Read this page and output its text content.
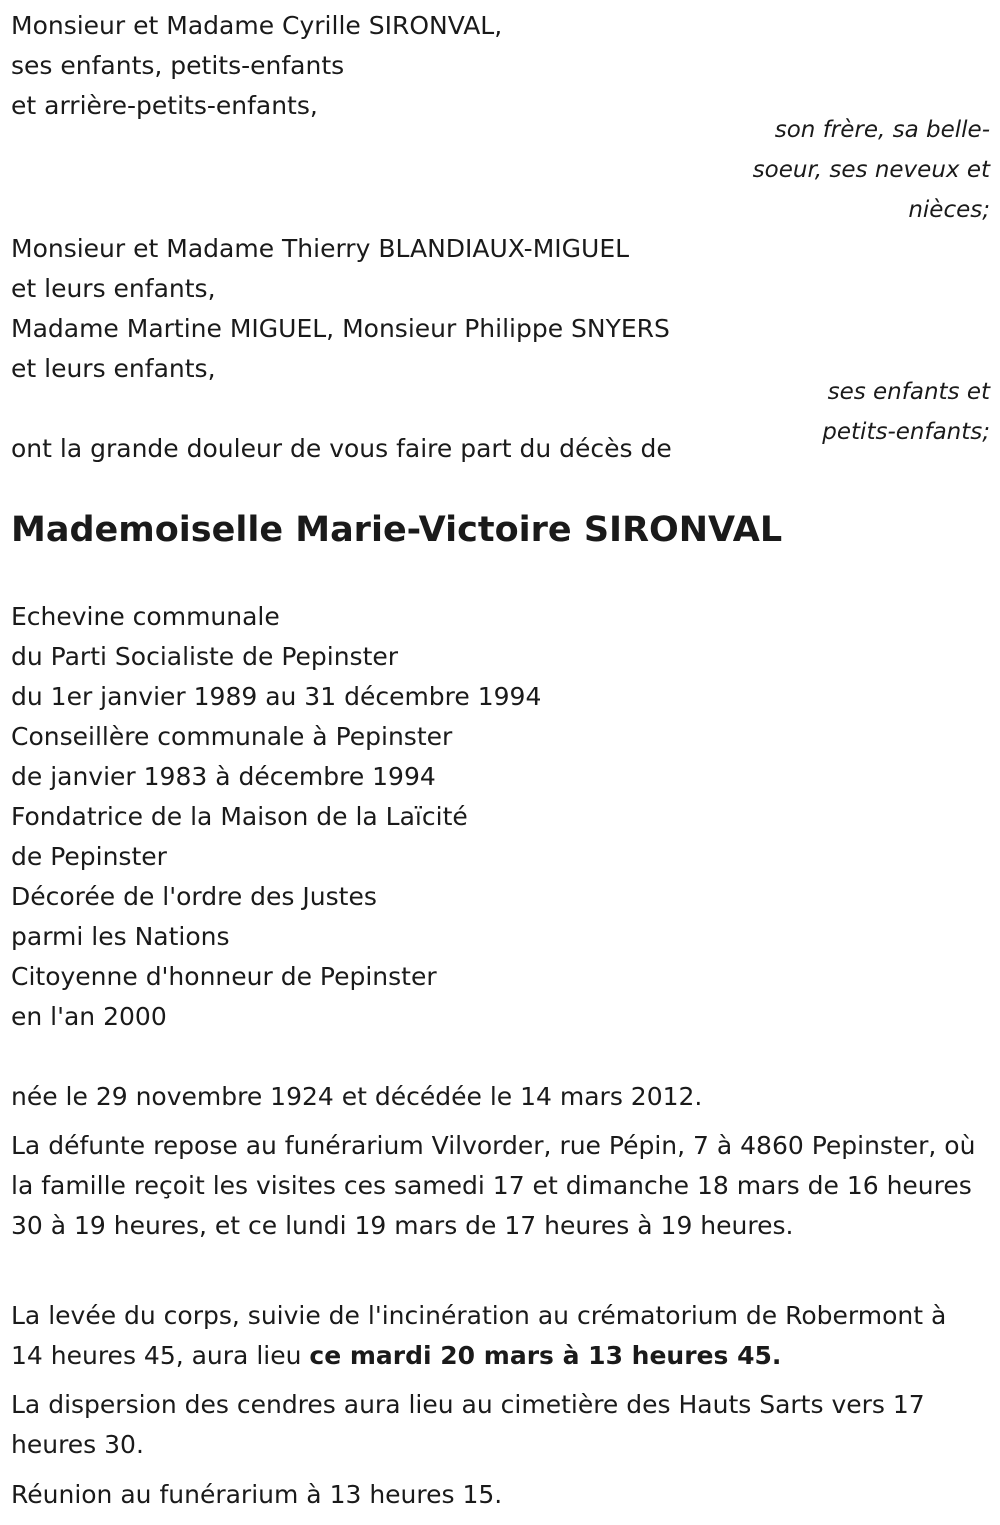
Monsieur et Madame Cyrille SIRONVAL,

ses enfants, petits-enfants

et arrière-petits-enfants,

son frère, sa belle-
soeur, ses neveux et
nièces;

Monsieur et Madame Thierry BLANDIAUX-MIGUEL

et leurs enfants,

Madame Martine MIGUEL, Monsieur Philippe SNYERS

et leurs enfants,

ses enfants et
petits-enfants;

ont la grande douleur de vous faire part du décès de

Mademoiselle Marie-Victoire SIRONVAL

Echevine communale

du Parti Socialiste de Pepinster

du 1er janvier 1989 au 31 décembre 1994

Conseillère communale à Pepinster

de janvier 1983 à décembre 1994

Fondatrice de la Maison de la Laïcité

de Pepinster

Décorée de l'ordre des Justes

parmi les Nations

Citoyenne d'honneur de Pepinster

en l'an 2000

née le 29 novembre 1924 et décédée le 14 mars 2012.

La défunte repose au funérarium Vilvorder, rue Pépin, 7 à 4860 Pepinster, où la famille reçoit les visites ces samedi 17 et dimanche 18 mars de 16 heures 30 à 19 heures, et ce lundi 19 mars de 17 heures à 19 heures.

La levée du corps, suivie de l'incinération au crématorium de Robermont à 14 heures 45, aura lieu ce mardi 20 mars à 13 heures 45.

La dispersion des cendres aura lieu au cimetière des Hauts Sarts vers 17 heures 30.

Réunion au funérarium à 13 heures 15.
